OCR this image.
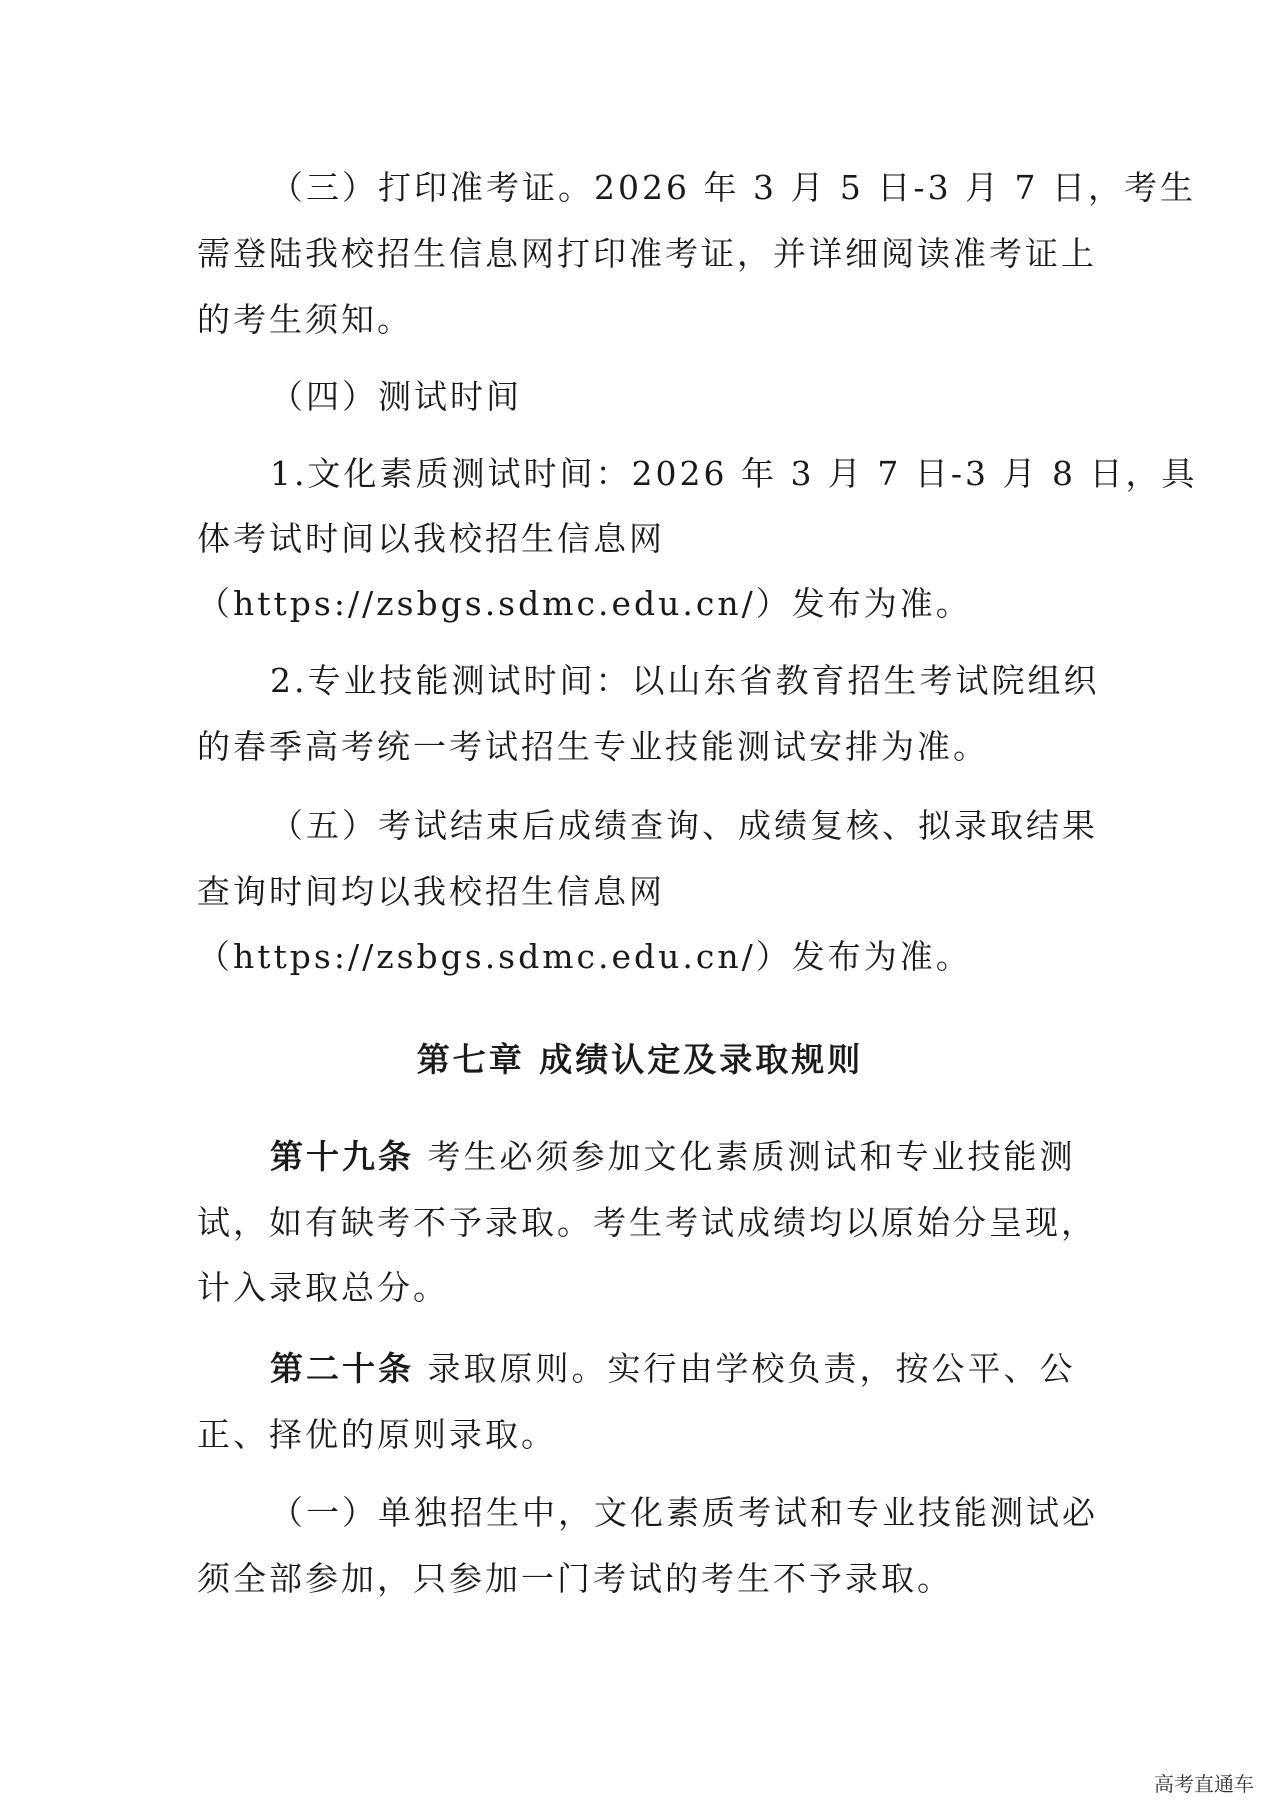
（三）打印准考证。2026 年 3 月 5 日-3 月 7 日，考生
需登陆我校招生信息网打印准考证，并详细阅读准考证上
的考生须知。
（四）测试时间
1.文化素质测试时间：2026 年 3 月 7 日-3 月 8 日，具
体考试时间以我校招生信息网
（https://zsbgs.sdmc.edu.cn/）发布为准。
2.专业技能测试时间：以山东省教育招生考试院组织
的春季高考统一考试招生专业技能测试安排为准。
（五）考试结束后成绩查询、成绩复核、拟录取结果
查询时间均以我校招生信息网
（https://zsbgs.sdmc.edu.cn/）发布为准。
第七章 成绩认定及录取规则
第十九条 考生必须参加文化素质测试和专业技能测
试，如有缺考不予录取。考生考试成绩均以原始分呈现，
计入录取总分。
第二十条 录取原则。实行由学校负责，按公平、公
正、择优的原则录取。
（一）单独招生中，文化素质考试和专业技能测试必
须全部参加，只参加一门考试的考生不予录取。
高考直通车
